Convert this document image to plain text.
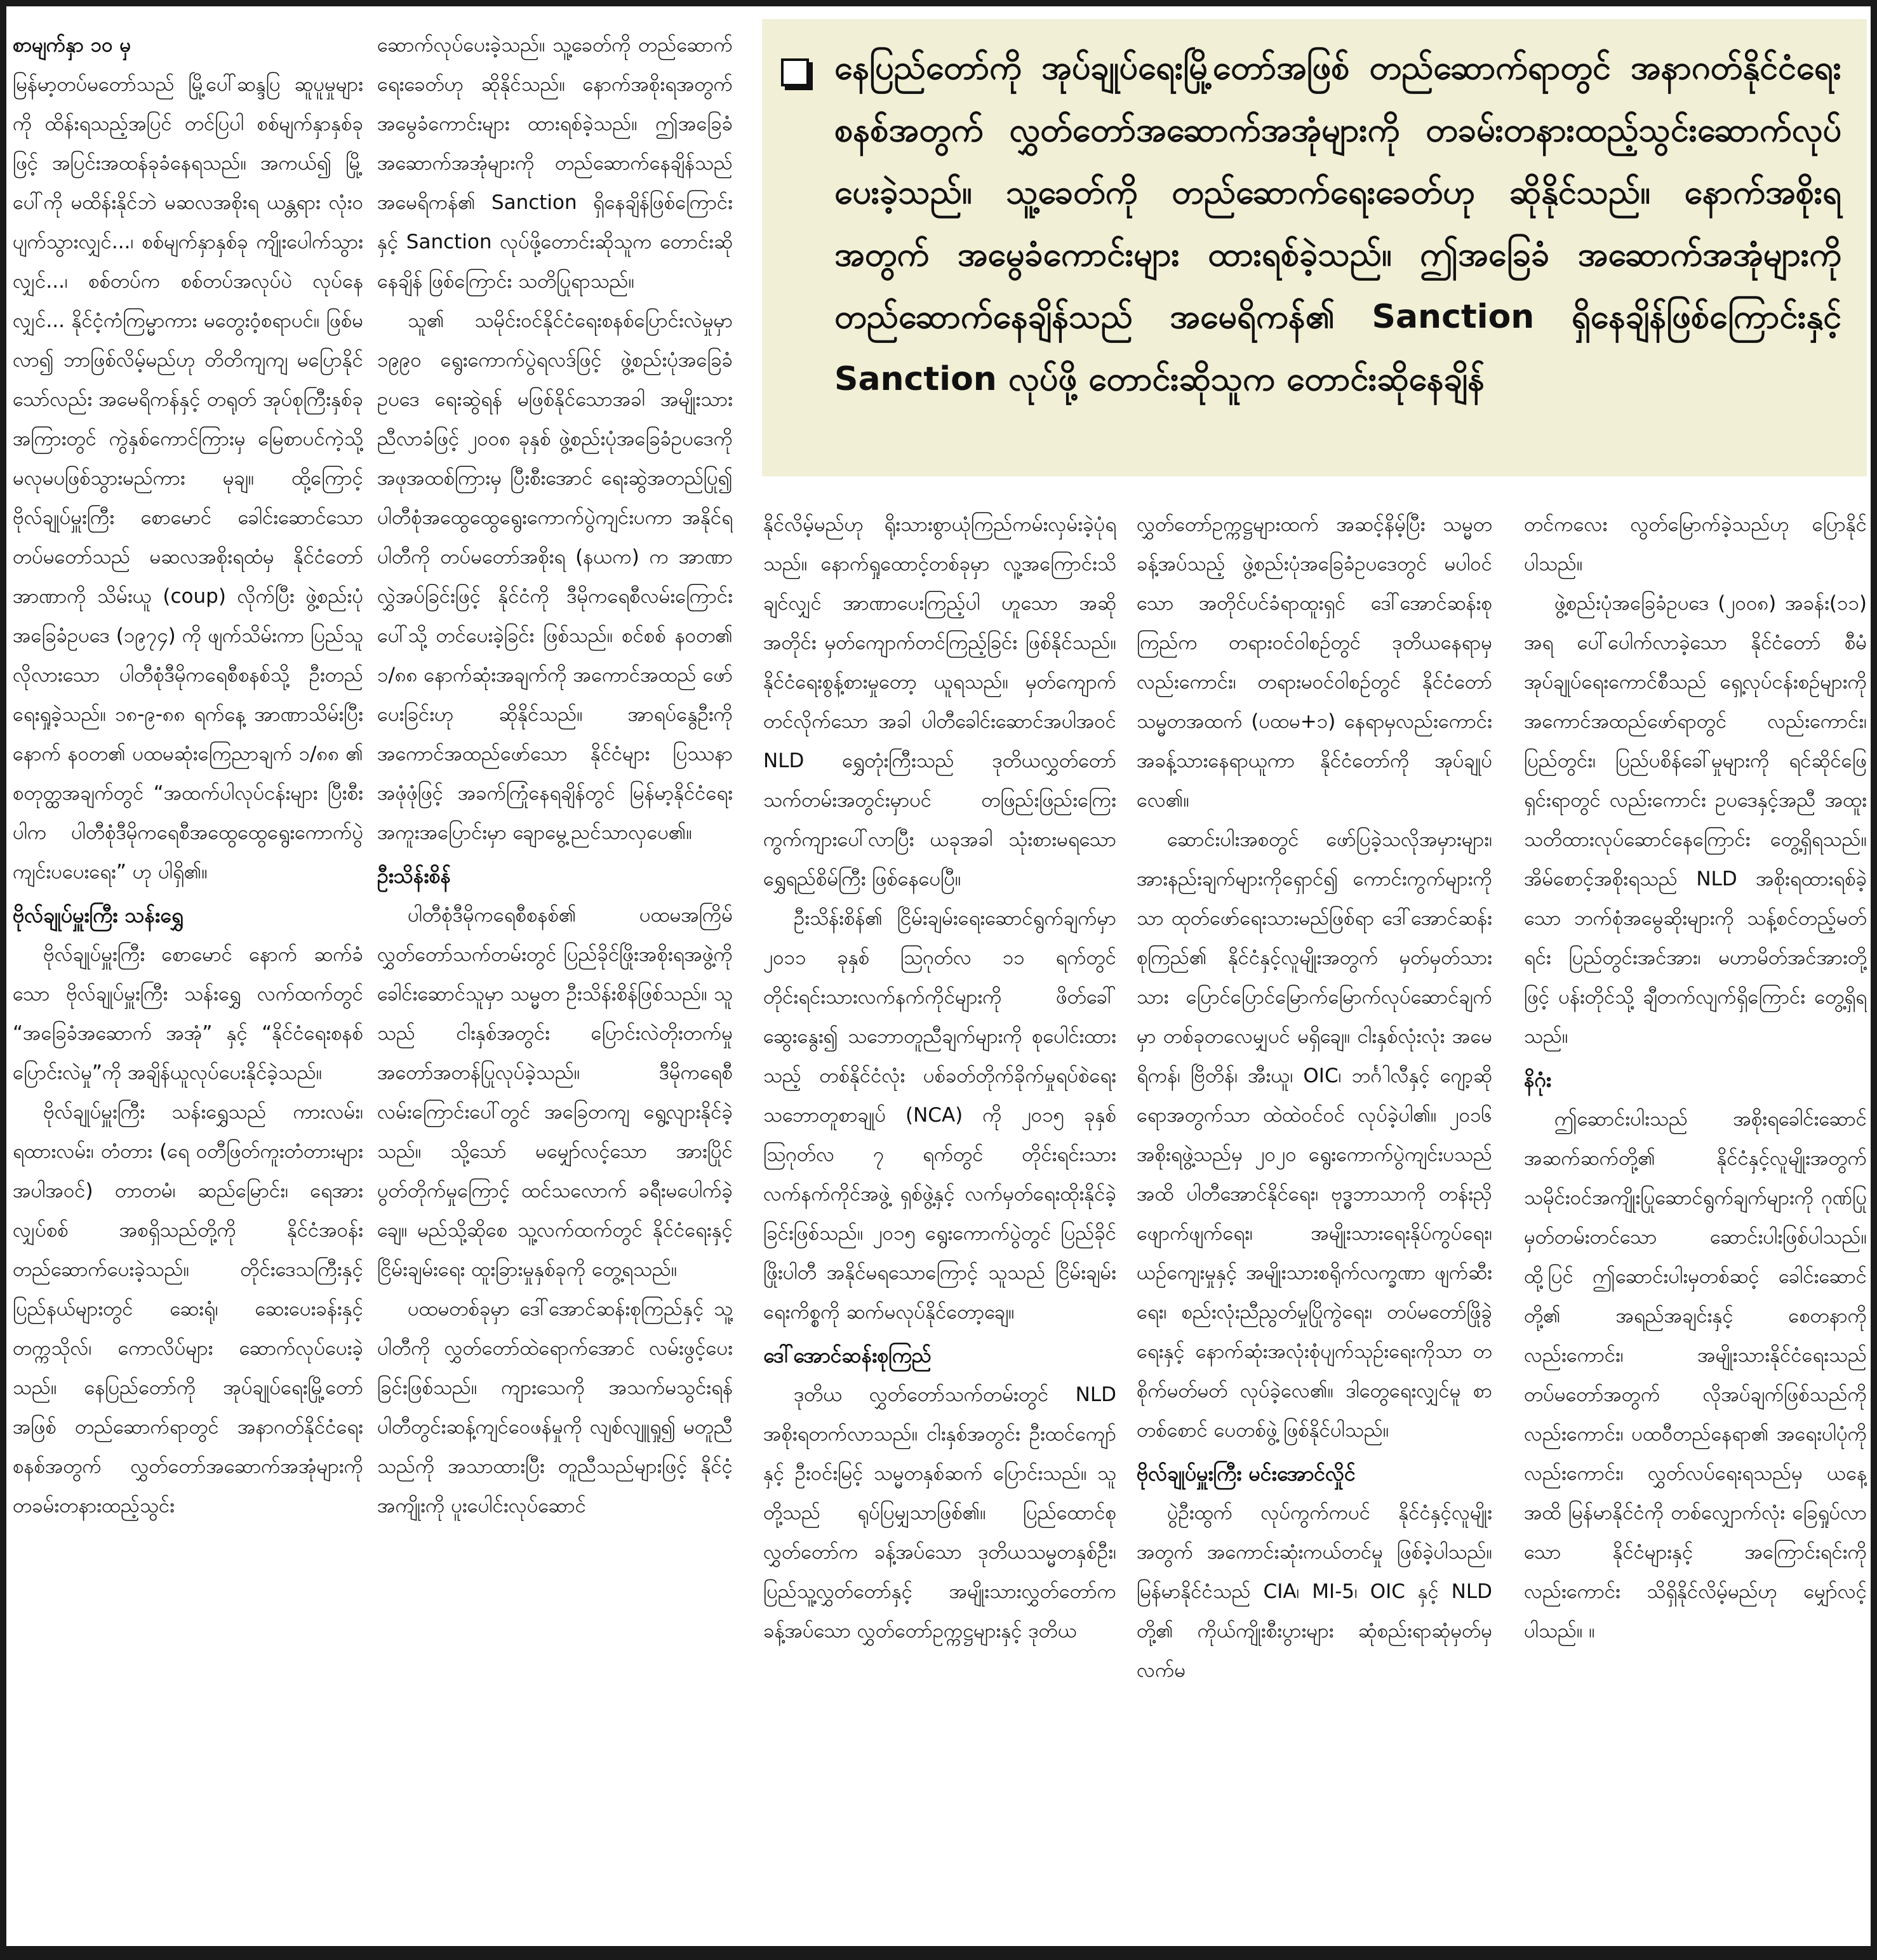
စာမျက်နှာ ၁၀ မှ

မြန်မာ့တပ်မတော်သည် မြို့ပေါ်ဆန္ဒပြ ဆူပူမှုများကို ထိန်းရသည့်အပြင် တင်ပြပါ စစ်မျက်နှာနှစ်ခုဖြင့် အပြင်းအထန်ခုခံနေရသည်။ အကယ်၍ မြို့ပေါ်ကို မထိန်းနိုင်ဘဲ မဆလအစိုးရ ယန္တရား လုံးဝပျက်သွားလျှင်...၊ စစ်မျက်နှာနှစ်ခု ကျိုးပေါက်သွားလျှင်...၊ စစ်တပ်က စစ်တပ်အလုပ်ပဲ လုပ်နေလျှင်... နိုင်ငံ့ကံကြမ္မာကား မတွေးဝံ့စရာပင်။ ဖြစ်မလာ၍ ဘာဖြစ်လိမ့်မည်ဟု တိတိကျကျ မပြောနိုင်သော်လည်း အမေရိကန်နှင့် တရုတ် အုပ်စုကြီးနှစ်ခု အကြားတွင် ကွဲနှစ်ကောင်ကြားမှ မြေစာပင်ကဲ့သို့ မလုမပဖြစ်သွားမည်ကား မုချ။ ထို့ကြောင့် ဗိုလ်ချုပ်မှူးကြီး စောမောင် ခေါင်းဆောင်သော တပ်မတော်သည် မဆလအစိုးရထံမှ နိုင်ငံတော်အာဏာကို သိမ်းယူ (coup) လိုက်ပြီး ဖွဲ့စည်းပုံအခြေခံဥပဒေ (၁၉၇၄) ကို ဖျက်သိမ်းကာ ပြည်သူလိုလားသော ပါတီစုံဒီမိုကရေစီစနစ်သို့ ဦးတည်ရေးရှုခဲ့သည်။ ၁၈-၉-၈၈ ရက်နေ့ အာဏာသိမ်းပြီးနောက် န၀တ၏ ပထမဆုံးကြေညာချက် ၁/၈၈ ၏ စတုတ္ထအချက်တွင် “အထက်ပါလုပ်ငန်းများ ပြီးစီးပါက ပါတီစုံဒီမိုကရေစီအထွေထွေရွေးကောက်ပွဲကျင်းပပေးရေး” ဟု ပါရှိ၏။

ဗိုလ်ချုပ်မှူးကြီး သန်းရွှေ

ဗိုလ်ချုပ်မှူးကြီး စောမောင် နောက် ဆက်ခံသော ဗိုလ်ချုပ်မှူးကြီး သန်းရွှေ လက်ထက်တွင် “အခြေခံအဆောက် အအုံ” နှင့် “နိုင်ငံရေးစနစ်ပြောင်းလဲမှု”ကို အချိန်ယူလုပ်ပေးနိုင်ခဲ့သည်။

ဗိုလ်ချုပ်မှူးကြီး သန်းရွှေသည် ကားလမ်း၊ ရထားလမ်း၊ တံတား (ရေ ၀တီဖြတ်ကူးတံတားများ အပါအဝင်) တာတမံ၊ ဆည်မြောင်း၊ ရေအားလျှပ်စစ် အစရှိသည်တို့ကို နိုင်ငံအဝန်း တည်ဆောက်ပေးခဲ့သည်။ တိုင်းဒေသကြီးနှင့် ပြည်နယ်များတွင် ဆေးရုံ၊ ဆေးပေးခန်းနှင့် တက္ကသိုလ်၊ ကောလိပ်များ ဆောက်လုပ်ပေးခဲ့သည်။ နေပြည်တော်ကို အုပ်ချုပ်ရေးမြို့တော်အဖြစ် တည်ဆောက်ရာတွင် အနာဂတ်နိုင်ငံရေးစနစ်အတွက် လွှတ်တော်အဆောက်အအုံများကို တခမ်းတနားထည့်သွင်း

ဆောက်လုပ်ပေးခဲ့သည်။ သူ့ခေတ်ကို တည်ဆောက်ရေးခေတ်ဟု ဆိုနိုင်သည်။ နောက်အစိုးရအတွက် အမွေခံကောင်းများ ထားရစ်ခဲ့သည်။ ဤအခြေခံ အဆောက်အအုံများကို တည်ဆောက်နေချိန်သည် အမေရိကန်၏ Sanction ရှိနေချိန်ဖြစ်ကြောင်းနှင့် Sanction လုပ်ဖို့တောင်းဆိုသူက တောင်းဆိုနေချိန် ဖြစ်ကြောင်း သတိပြုရာသည်။

သူ၏ သမိုင်းဝင်နိုင်ငံရေးစနစ်ပြောင်းလဲမှုမှာ ၁၉၉၀ ရွေးကောက်ပွဲရလဒ်ဖြင့် ဖွဲ့စည်းပုံအခြေခံဥပဒေ ရေးဆွဲရန် မဖြစ်နိုင်သောအခါ အမျိုးသားညီလာခံဖြင့် ၂၀၀၈ ခုနှစ် ဖွဲ့စည်းပုံအခြေခံဥပဒေကို အဖုအထစ်ကြားမှ ပြီးစီးအောင် ရေးဆွဲအတည်ပြု၍ ပါတီစုံအထွေထွေရွေးကောက်ပွဲကျင်းပကာ အနိုင်ရပါတီကို တပ်မတော်အစိုးရ (နယက) က အာဏာလွှဲအပ်ခြင်းဖြင့် နိုင်ငံကို ဒီမိုကရေစီလမ်းကြောင်းပေါ်သို့ တင်ပေးခဲ့ခြင်း ဖြစ်သည်။ စင်စစ် န၀တ၏ ၁/၈၈ နောက်ဆုံးအချက်ကို အကောင်အထည် ဖော်ပေးခြင်းဟု ဆိုနိုင်သည်။ အာရပ်နွေဦးကို အကောင်အထည်ဖော်သော နိုင်ငံများ ပြဿနာအဖုံဖုံဖြင့် အခက်ကြုံနေရချိန်တွင် မြန်မာ့နိုင်ငံရေး အကူးအပြောင်းမှာ ချောမွေ့ညင်သာလှပေ၏။

ဦးသိန်းစိန်

ပါတီစုံဒီမိုကရေစီစနစ်၏ ပထမအကြိမ် လွှတ်တော်သက်တမ်းတွင် ပြည်ခိုင်ဖြိုးအစိုးရအဖွဲ့ကို ခေါင်းဆောင်သူမှာ သမ္မတ ဦးသိန်းစိန်ဖြစ်သည်။ သူသည် ငါးနှစ်အတွင်း ပြောင်းလဲတိုးတက်မှုအတော်အတန်ပြုလုပ်ခဲ့သည်။ ဒီမိုကရေစီလမ်းကြောင်းပေါ်တွင် အခြေတကျ ရွေ့လျားနိုင်ခဲ့သည်။ သို့သော် မမျှော်လင့်သော အားပြိုင်ပွတ်တိုက်မှုကြောင့် ထင်သလောက် ခရီးမပေါက်ခဲ့ချေ။ မည်သို့ဆိုစေ သူ့လက်ထက်တွင် နိုင်ငံရေးနှင့် ငြိမ်းချမ်းရေး ထူးခြားမှုနှစ်ခုကို တွေ့ရသည်။

ပထမတစ်ခုမှာ ဒေါ်အောင်ဆန်းစုကြည်နှင့် သူ့ပါတီကို လွှတ်တော်ထဲရောက်အောင် လမ်းဖွင့်ပေးခြင်းဖြစ်သည်။ ကျားသေကို အသက်မသွင်းရန် ပါတီတွင်းဆန့်ကျင်ဝေဖန်မှုကို လျစ်လျူရှု၍ မတူညီသည်ကို အသာထားပြီး တူညီသည်များဖြင့် နိုင်ငံ့အကျိုးကို ပူးပေါင်းလုပ်ဆောင်

နေပြည်တော်ကို အုပ်ချုပ်ရေးမြို့တော်အဖြစ် တည်ဆောက်ရာတွင် အနာဂတ်နိုင်ငံရေးစနစ်အတွက် လွှတ်တော်အဆောက်အအုံများကို တခမ်းတနားထည့်သွင်းဆောက်လုပ်ပေးခဲ့သည်။ သူ့ခေတ်ကို တည်ဆောက်ရေးခေတ်ဟု ဆိုနိုင်သည်။ နောက်အစိုးရအတွက် အမွေခံကောင်းများ ထားရစ်ခဲ့သည်။ ဤအခြေခံ အဆောက်အအုံများကို တည်ဆောက်နေချိန်သည် အမေရိကန်၏ Sanction ရှိနေချိန်ဖြစ်ကြောင်းနှင့် Sanction လုပ်ဖို့ တောင်းဆိုသူက တောင်းဆိုနေချိန်

နိုင်လိမ့်မည်ဟု ရိုးသားစွာယုံကြည်ကမ်းလှမ်းခဲ့ပုံရသည်။ နောက်ရှုထောင့်တစ်ခုမှာ လူ့အကြောင်းသိချင်လျှင် အာဏာပေးကြည့်ပါ ဟူသော အဆိုအတိုင်း မှတ်ကျောက်တင်ကြည့်ခြင်း ဖြစ်နိုင်သည်။ နိုင်ငံရေးစွန့်စားမှုတော့ ယူရသည်။ မှတ်ကျောက်တင်လိုက်သော အခါ ပါတီခေါင်းဆောင်အပါအဝင် NLD ရွှေတုံးကြီးသည် ဒုတိယလွှတ်တော်သက်တမ်းအတွင်းမှာပင် တဖြည်းဖြည်းကြေးကွက်ကျားပေါ်လာပြီး ယခုအခါ သုံးစားမရသော ရွှေရည်စိမ်ကြီး ဖြစ်နေပေပြီ။

ဦးသိန်းစိန်၏ ငြိမ်းချမ်းရေးဆောင်ရွက်ချက်မှာ ၂၀၁၁ ခုနှစ် ဩဂုတ်လ ၁၁ ရက်တွင် တိုင်းရင်းသားလက်နက်ကိုင်များကို ဖိတ်ခေါ်ဆွေးနွေး၍ သဘောတူညီချက်များကို စုပေါင်းထားသည့် တစ်နိုင်ငံလုံး ပစ်ခတ်တိုက်ခိုက်မှုရပ်စဲရေးသဘောတူစာချုပ် (NCA) ကို ၂၀၁၅ ခုနှစ် ဩဂုတ်လ ၇ ရက်တွင် တိုင်းရင်းသားလက်နက်ကိုင်အဖွဲ့ ရှစ်ဖွဲ့နှင့် လက်မှတ်ရေးထိုးနိုင်ခဲ့ခြင်းဖြစ်သည်။ ၂၀၁၅ ရွေးကောက်ပွဲတွင် ပြည်ခိုင်ဖြိုးပါတီ အနိုင်မရသောကြောင့် သူသည် ငြိမ်းချမ်းရေးကိစ္စကို ဆက်မလုပ်နိုင်တော့ချေ။

ဒေါ်အောင်ဆန်းစုကြည်

ဒုတိယ လွှတ်တော်သက်တမ်းတွင် NLD အစိုးရတက်လာသည်။ ငါးနှစ်အတွင်း ဦးထင်ကျော်နှင့် ဦးဝင်းမြင့် သမ္မတနှစ်ဆက် ပြောင်းသည်။ သူတို့သည် ရုပ်ပြမျှသာဖြစ်၏။ ပြည်ထောင်စုလွှတ်တော်က ခန့်အပ်သော ဒုတိယသမ္မတနှစ်ဦး၊ ပြည်သူ့လွှတ်တော်နှင့် အမျိုးသားလွှတ်တော်က ခန့်အပ်သော လွှတ်တော်ဥက္ကဋ္ဌများနှင့် ဒုတိယ

လွှတ်တော်ဥက္ကဋ္ဌများထက် အဆင့်နိမ့်ပြီး သမ္မတခန့်အပ်သည့် ဖွဲ့စည်းပုံအခြေခံဥပဒေတွင် မပါဝင်သော အတိုင်ပင်ခံရာထူးရှင် ဒေါ်အောင်ဆန်းစုကြည်က တရားဝင်ဝါစဉ်တွင် ဒုတိယနေရာမှ လည်းကောင်း၊ တရားမဝင်ဝါစဉ်တွင် နိုင်ငံတော်သမ္မတအထက် (ပထမ+၁) နေရာမှလည်းကောင်း အခန့်သားနေရာယူကာ နိုင်ငံတော်ကို အုပ်ချုပ်လေ၏။

ဆောင်းပါးအစတွင် ဖော်ပြခဲ့သလိုအမှားများ၊ အားနည်းချက်များကိုရှောင်၍ ကောင်းကွက်များကိုသာ ထုတ်ဖော်ရေးသားမည်ဖြစ်ရာ ဒေါ်အောင်ဆန်းစုကြည်၏ နိုင်ငံနှင့်လူမျိုးအတွက် မှတ်မှတ်သားသား ပြောင်ပြောင်မြောက်မြောက်လုပ်ဆောင်ချက်မှာ တစ်ခုတလေမျှပင် မရှိချေ။ ငါးနှစ်လုံးလုံး အမေရိကန်၊ ဗြိတိန်၊ အီးယူ၊ OIC၊ ဘင်္ဂါလီနှင့် ဂျော့ဆိုရောအတွက်သာ ထဲထဲဝင်ဝင် လုပ်ခဲ့ပါ၏။ ၂၀၁၆ အစိုးရဖွဲ့သည်မှ ၂၀၂၀ ရွေးကောက်ပွဲကျင်းပသည်အထိ ပါတီအောင်နိုင်ရေး၊ ဗုဒ္ဓဘာသာကို တန်းညှိဖျောက်ဖျက်ရေး၊ အမျိုးသားရေးနိုပ်ကွပ်ရေး၊ ယဉ်ကျေးမှုနှင့် အမျိုးသားစရိုက်လက္ခဏာ ဖျက်ဆီးရေး၊ စည်းလုံးညီညွတ်မှုပြိုကွဲရေး၊ တပ်မတော်ဖြိုခွဲရေးနှင့် နောက်ဆုံးအလုံးစုံပျက်သုဉ်းရေးကိုသာ တစိုက်မတ်မတ် လုပ်ခဲ့လေ၏။ ဒါတွေရေးလျှင်မူ စာတစ်စောင် ပေတစ်ဖွဲ့ ဖြစ်နိုင်ပါသည်။

ဗိုလ်ချုပ်မှူးကြီး မင်းအောင်လှိုင်

ပွဲဦးထွက် လုပ်ကွက်ကပင် နိုင်ငံနှင့်လူမျိုးအတွက် အကောင်းဆုံးကယ်တင်မှု ဖြစ်ခဲ့ပါသည်။ မြန်မာနိုင်ငံသည် CIA၊ MI-5၊ OIC နှင့် NLD တို့၏ ကိုယ်ကျိုးစီးပွားများ ဆုံစည်းရာဆုံမှတ်မှ လက်မ

တင်ကလေး လွတ်မြောက်ခဲ့သည်ဟု ပြောနိုင်ပါသည်။

ဖွဲ့စည်းပုံအခြေခံဥပဒေ (၂၀၀၈) အခန်း(၁၁) အရ ပေါ်ပေါက်လာခဲ့သော နိုင်ငံတော် စီမံအုပ်ချုပ်ရေးကောင်စီသည် ရှေ့လုပ်ငန်းစဉ်များကို အကောင်အထည်ဖော်ရာတွင် လည်းကောင်း၊ ပြည်တွင်း၊ ပြည်ပစိန်ခေါ်မှုများကို ရင်ဆိုင်ဖြေရှင်းရာတွင် လည်းကောင်း ဥပဒေနှင့်အညီ အထူးသတိထားလုပ်ဆောင်နေကြောင်း တွေ့ရှိရသည်။ အိမ်စောင့်အစိုးရသည် NLD အစိုးရထားရစ်ခဲ့သော ဘက်စုံအမွေဆိုးများကို သန့်စင်တည့်မတ်ရင်း ပြည်တွင်းအင်အား၊ မဟာမိတ်အင်အားတို့ဖြင့် ပန်းတိုင်သို့ ချီတက်လျက်ရှိကြောင်း တွေ့ရှိရသည်။

နိဂုံး

ဤဆောင်းပါးသည် အစိုးရခေါင်းဆောင်အဆက်ဆက်တို့၏ နိုင်ငံနှင့်လူမျိုးအတွက် သမိုင်းဝင်အကျိုးပြုဆောင်ရွက်ချက်များကို ဂုဏ်ပြုမှတ်တမ်းတင်သော ဆောင်းပါးဖြစ်ပါသည်။ ထို့ပြင် ဤဆောင်းပါးမှတစ်ဆင့် ခေါင်းဆောင်တို့၏ အရည်အချင်းနှင့် စေတနာကိုလည်းကောင်း၊ အမျိုးသားနိုင်ငံရေးသည် တပ်မတော်အတွက် လိုအပ်ချက်ဖြစ်သည်ကိုလည်းကောင်း၊ ပထဝီတည်နေရာ၏ အရေးပါပုံကို လည်းကောင်း၊ လွှတ်လပ်ရေးရသည်မှ ယနေ့အထိ မြန်မာနိုင်ငံကို တစ်လျှောက်လုံး ခြေရှုပ်လာသော နိုင်ငံများနှင့် အကြောင်းရင်းကို လည်းကောင်း သိရှိနိုင်လိမ့်မည်ဟု မျှော်လင့်ပါသည်။ ။
